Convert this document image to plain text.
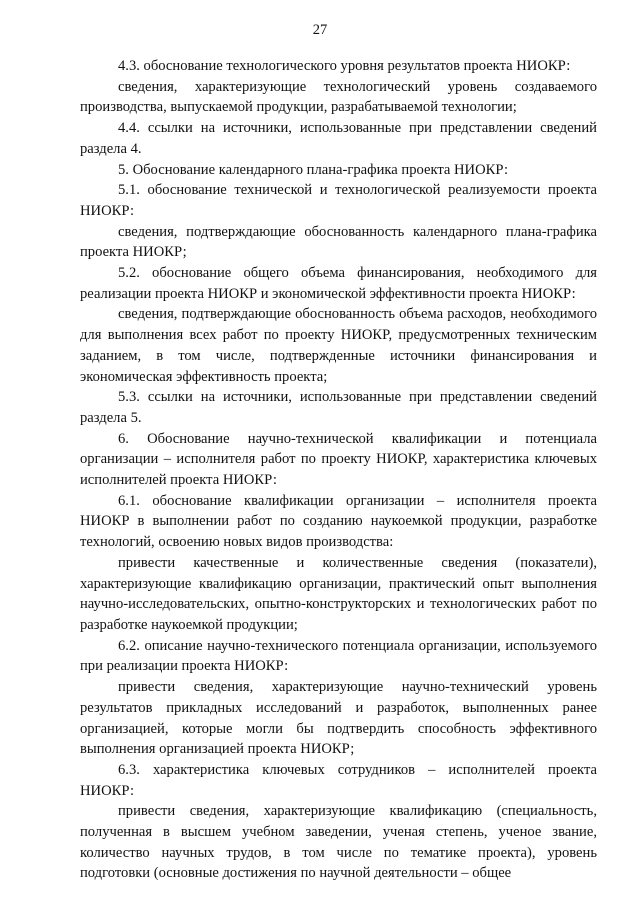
27

4.3. обоснование технологического уровня результатов проекта НИОКР:

сведения, характеризующие технологический уровень создаваемого производства, выпускаемой продукции, разрабатываемой технологии;

4.4. ссылки на источники, использованные при представлении сведений раздела 4.

5. Обоснование календарного плана-графика проекта НИОКР:

5.1. обоснование технической и технологической реализуемости проекта НИОКР:

сведения, подтверждающие обоснованность календарного плана-графика проекта НИОКР;

5.2. обоснование общего объема финансирования, необходимого для реализации проекта НИОКР и экономической эффективности проекта НИОКР:

сведения, подтверждающие обоснованность объема расходов, необходимого для выполнения всех работ по проекту НИОКР, предусмотренных техническим заданием, в том числе, подтвержденные источники финансирования и экономическая эффективность проекта;

5.3. ссылки на источники, использованные при представлении сведений раздела 5.

6. Обоснование научно-технической квалификации и потенциала организации – исполнителя работ по проекту НИОКР, характеристика ключевых исполнителей проекта НИОКР:

6.1. обоснование квалификации организации – исполнителя проекта НИОКР в выполнении работ по созданию наукоемкой продукции, разработке технологий, освоению новых видов производства:

привести качественные и количественные сведения (показатели), характеризующие квалификацию организации, практический опыт выполнения научно-исследовательских, опытно-конструкторских и технологических работ по разработке наукоемкой продукции;

6.2. описание научно-технического потенциала организации, используемого при реализации проекта НИОКР:

привести сведения, характеризующие научно-технический уровень результатов прикладных исследований и разработок, выполненных ранее организацией, которые могли бы подтвердить способность эффективного выполнения организацией проекта НИОКР;

6.3. характеристика ключевых сотрудников – исполнителей проекта НИОКР:

привести сведения, характеризующие квалификацию (специальность, полученная в высшем учебном заведении, ученая степень, ученое звание, количество научных трудов, в том числе по тематике проекта), уровень подготовки (основные достижения по научной деятельности – общее
